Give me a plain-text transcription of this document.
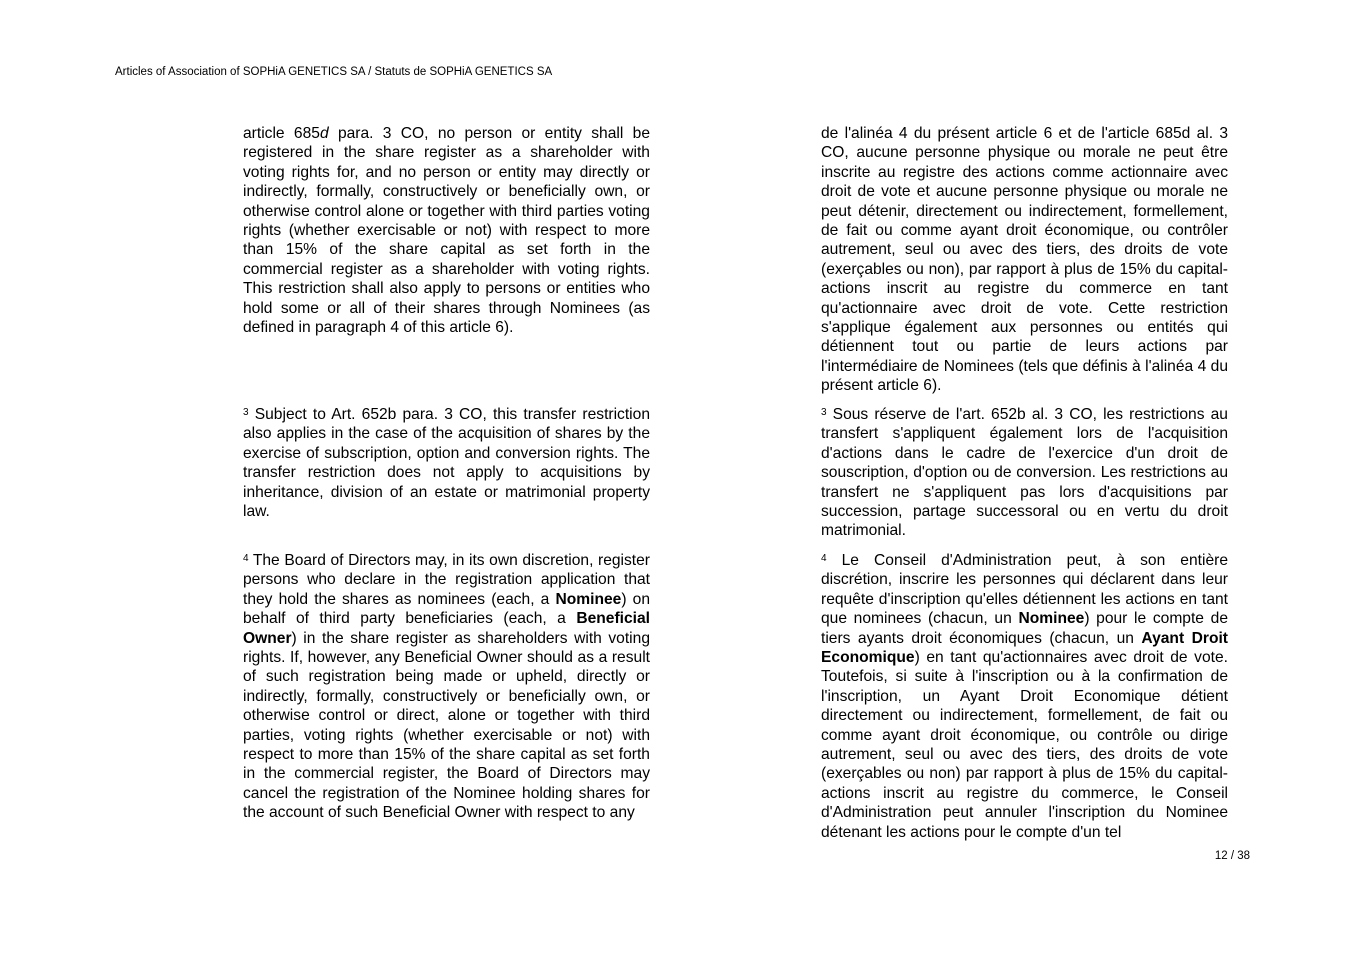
Articles of Association of SOPHiA GENETICS SA / Statuts de SOPHiA GENETICS SA

article 685d para. 3 CO, no person or entity shall be registered in the share register as a shareholder with voting rights for, and no person or entity may directly or indirectly, formally, constructively or beneficially own, or otherwise control alone or together with third parties voting rights (whether exercisable or not) with respect to more than 15% of the share capital as set forth in the commercial register as a shareholder with voting rights. This restriction shall also apply to persons or entities who hold some or all of their shares through Nominees (as defined in paragraph 4 of this article 6).

$^3$ Subject to Art. 652b para. 3 CO, this transfer restriction also applies in the case of the acquisition of shares by the exercise of subscription, option and conversion rights. The transfer restriction does not apply to acquisitions by inheritance, division of an estate or matrimonial property law.

$^4$ The Board of Directors may, in its own discretion, register persons who declare in the registration application that they hold the shares as nominees (each, a Nominee) on behalf of third party beneficiaries (each, a Beneficial Owner) in the share register as shareholders with voting rights. If, however, any Beneficial Owner should as a result of such registration being made or upheld, directly or indirectly, formally, constructively or beneficially own, or otherwise control or direct, alone or together with third parties, voting rights (whether exercisable or not) with respect to more than 15% of the share capital as set forth in the commercial register, the Board of Directors may cancel the registration of the Nominee holding shares for the account of such Beneficial Owner with respect to any

de l'alinéa 4 du présent article 6 et de l'article 685d al. 3 CO, aucune personne physique ou morale ne peut être inscrite au registre des actions comme actionnaire avec droit de vote et aucune personne physique ou morale ne peut détenir, directement ou indirectement, formellement, de fait ou comme ayant droit économique, ou contrôler autrement, seul ou avec des tiers, des droits de vote (exerçables ou non), par rapport à plus de 15% du capital-actions inscrit au registre du commerce en tant qu'actionnaire avec droit de vote. Cette restriction s'applique également aux personnes ou entités qui détiennent tout ou partie de leurs actions par l'intermédiaire de Nominees (tels que définis à l'alinéa 4 du présent article 6).

$^3$ Sous réserve de l'art. 652b al. 3 CO, les restrictions au transfert s'appliquent également lors de l'acquisition d'actions dans le cadre de l'exercice d'un droit de souscription, d'option ou de conversion. Les restrictions au transfert ne s'appliquent pas lors d'acquisitions par succession, partage successoral ou en vertu du droit matrimonial.

$^4$ Le Conseil d'Administration peut, à son entière discrétion, inscrire les personnes qui déclarent dans leur requête d'inscription qu'elles détiennent les actions en tant que nominees (chacun, un Nominee) pour le compte de tiers ayants droit économiques (chacun, un Ayant Droit Economique) en tant qu'actionnaires avec droit de vote. Toutefois, si suite à l'inscription ou à la confirmation de l'inscription, un Ayant Droit Economique détient directement ou indirectement, formellement, de fait ou comme ayant droit économique, ou contrôle ou dirige autrement, seul ou avec des tiers, des droits de vote (exerçables ou non) par rapport à plus de 15% du capital-actions inscrit au registre du commerce, le Conseil d'Administration peut annuler l'inscription du Nominee détenant les actions pour le compte d'un tel

12 / 38
